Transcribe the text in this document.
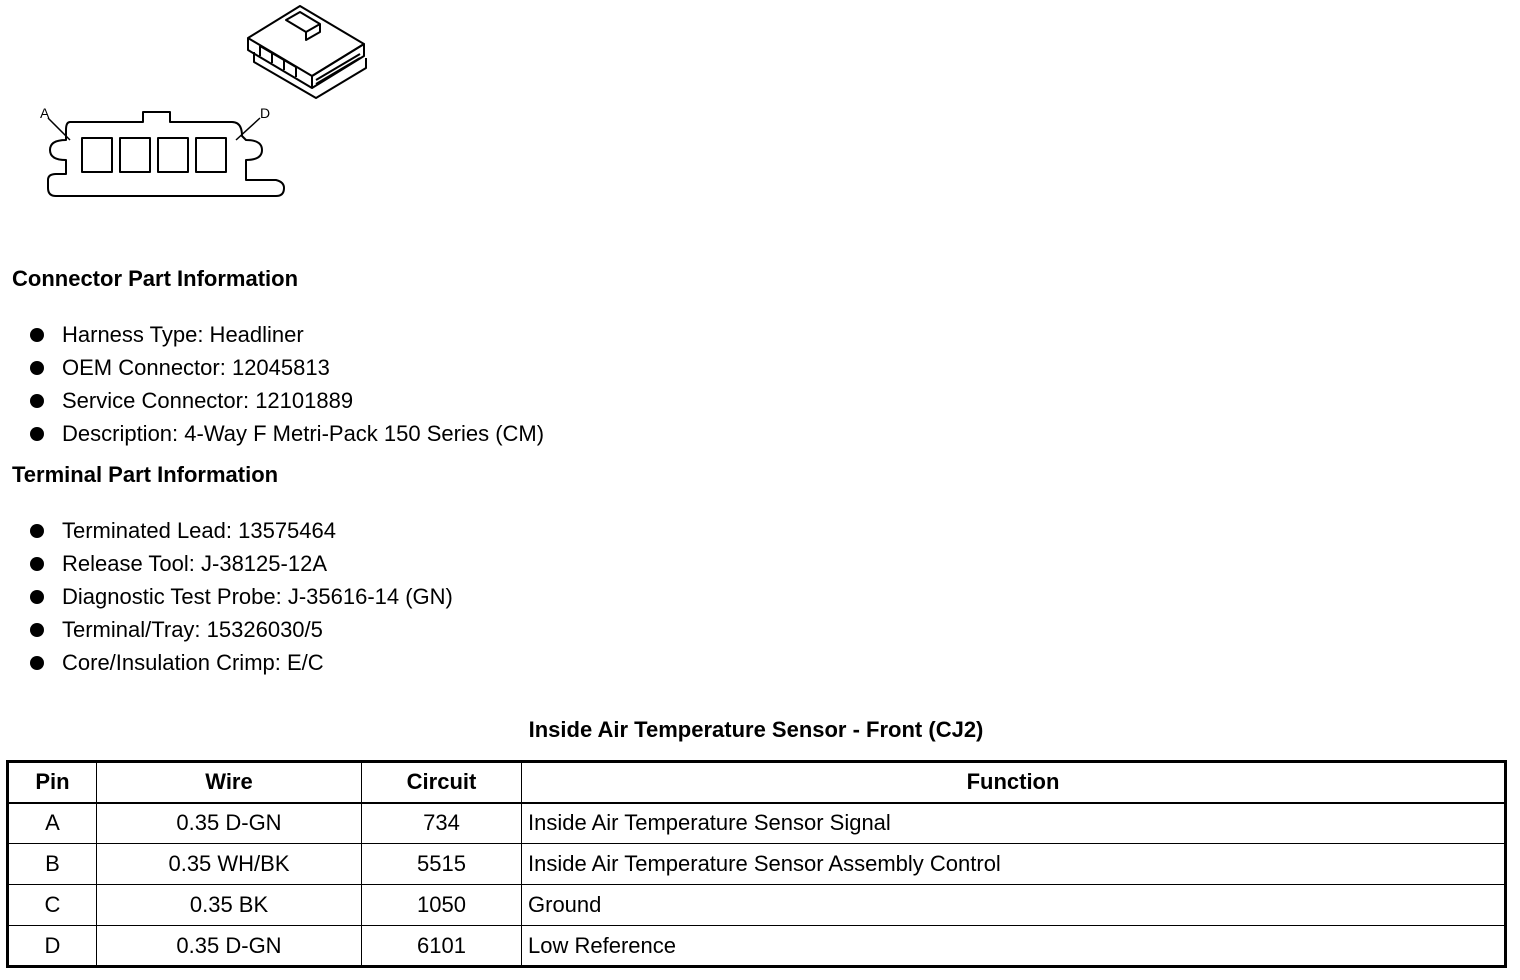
A	D
Connector Part Information
Harness Type: Headliner
OEM Connector: 12045813
Service Connector: 12101889
Description: 4-Way F Metri-Pack 150 Series (CM)
Terminal Part Information
Terminated Lead: 13575464
Release Tool: J-38125-12A
Diagnostic Test Probe: J-35616-14 (GN)
Terminal/Tray: 15326030/5
Core/Insulation Crimp: E/C
Inside Air Temperature Sensor - Front (CJ2)
Pin	Wire	Circuit	Function
A	0.35 D-GN	734	Inside Air Temperature Sensor Signal
B	0.35 WH/BK	5515	Inside Air Temperature Sensor Assembly Control
C	0.35 BK	1050	Ground
D	0.35 D-GN	6101	Low Reference
